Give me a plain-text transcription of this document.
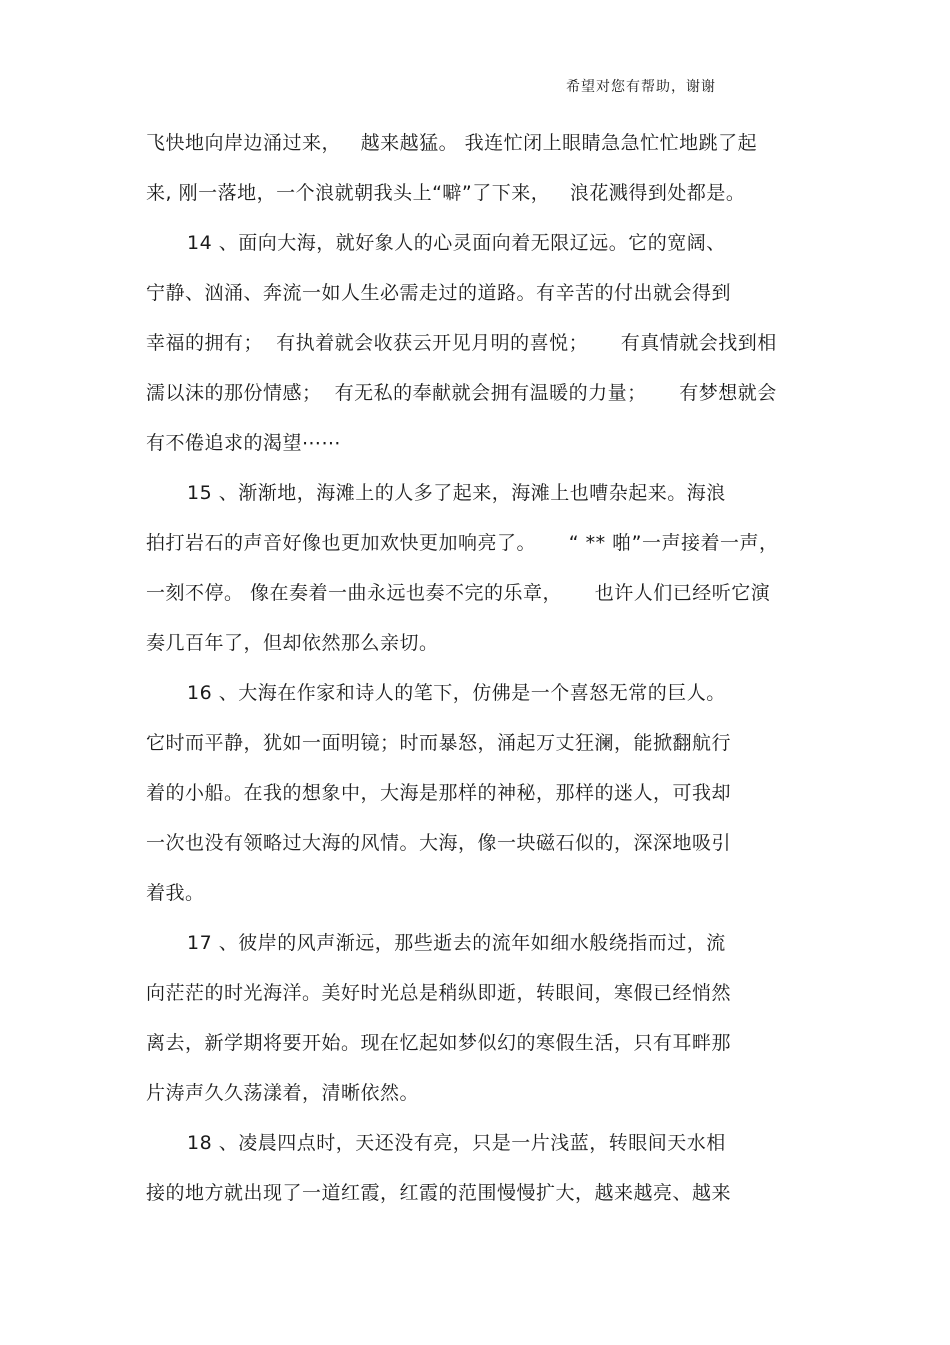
希望对您有帮助，谢谢
飞快地向岸边涌过来，   越来越猛。 我连忙闭上眼睛急急忙忙地跳了起
来, 刚一落地，一个浪就朝我头上“噼”了下来，   浪花溅得到处都是。
14 、面向大海，就好象人的心灵面向着无限辽远。它的宽阔、
宁静、汹涌、奔流一如人生必需走过的道路。有辛苦的付出就会得到
幸福的拥有；  有执着就会收获云开见月明的喜悦；     有真情就会找到相
濡以沫的那份情感；  有无私的奉献就会拥有温暖的力量；     有梦想就会
有不倦追求的渴望⋯⋯
15 、渐渐地，海滩上的人多了起来，海滩上也嘈杂起来。海浪
拍打岩石的声音好像也更加欢快更加响亮了。     “ ** 啪”一声接着一声，
一刻不停。 像在奏着一曲永远也奏不完的乐章，     也许人们已经听它演
奏几百年了，但却依然那么亲切。
16 、大海在作家和诗人的笔下，仿佛是一个喜怒无常的巨人。
它时而平静，犹如一面明镜；时而暴怒，涌起万丈狂澜，能掀翻航行
着的小船。在我的想象中，大海是那样的神秘，那样的迷人，可我却
一次也没有领略过大海的风情。大海，像一块磁石似的，深深地吸引
着我。
17 、彼岸的风声渐远，那些逝去的流年如细水般绕指而过，流
向茫茫的时光海洋。美好时光总是稍纵即逝，转眼间，寒假已经悄然
离去，新学期将要开始。现在忆起如梦似幻的寒假生活，只有耳畔那
片涛声久久荡漾着，清晰依然。
18 、凌晨四点时，天还没有亮，只是一片浅蓝，转眼间天水相
接的地方就出现了一道红霞，红霞的范围慢慢扩大，越来越亮、越来
